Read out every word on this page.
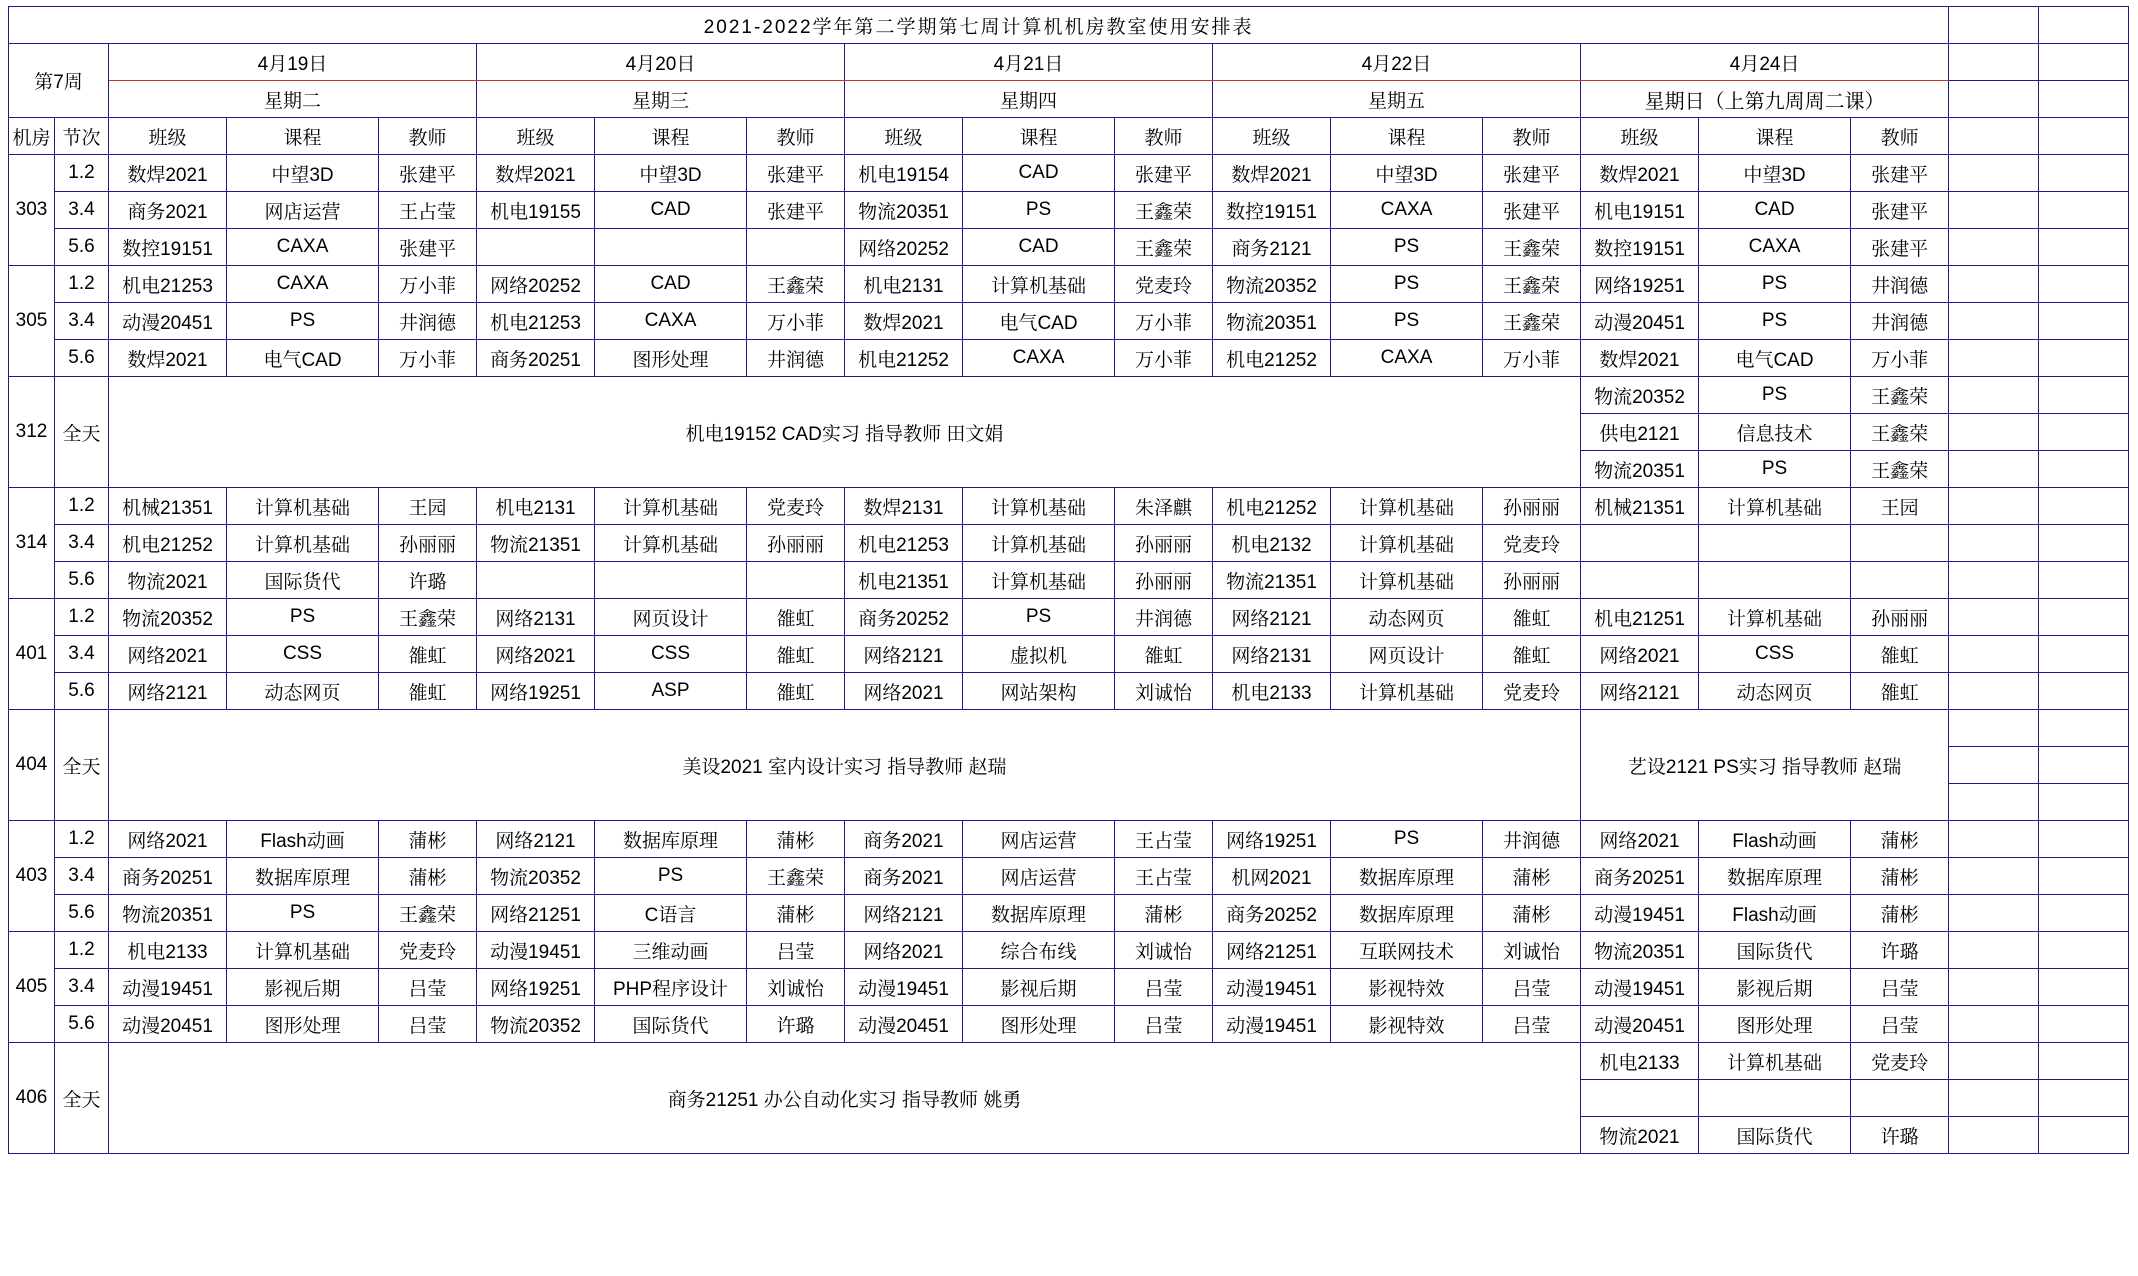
2021-2022学年第二学期第七周计算机机房教室使用安排表																		
第7周		4月19日			4月20日			4月21日			4月22日			4月24日				
		星期二			星期三			星期四			星期五			星期日（上第九周周二课）				
机房	节次	班级	课程	教师	班级	课程	教师	班级	课程	教师	班级	课程	教师	班级	课程	教师		
303	1.2	数焊2021	中望3D	张建平	数焊2021	中望3D	张建平	机电19154	CAD	张建平	数焊2021	中望3D	张建平	数焊2021	中望3D	张建平		
	3.4	商务2021	网店运营	王占莹	机电19155	CAD	张建平	物流20351	PS	王鑫荣	数控19151	CAXA	张建平	机电19151	CAD	张建平		
	5.6	数控19151	CAXA	张建平				网络20252	CAD	王鑫荣	商务2121	PS	王鑫荣	数控19151	CAXA	张建平		
305	1.2	机电21253	CAXA	万小菲	网络20252	CAD	王鑫荣	机电2131	计算机基础	党麦玲	物流20352	PS	王鑫荣	网络19251	PS	井润德		
	3.4	动漫20451	PS	井润德	机电21253	CAXA	万小菲	数焊2021	电气CAD	万小菲	物流20351	PS	王鑫荣	动漫20451	PS	井润德		
	5.6	数焊2021	电气CAD	万小菲	商务20251	图形处理	井润德	机电21252	CAXA	万小菲	机电21252	CAXA	万小菲	数焊2021	电气CAD	万小菲		
312	全天	机电19152 CAD实习 指导教师 田文娟												物流20352	PS	王鑫荣		
														供电2121	信息技术	王鑫荣		
														物流20351	PS	王鑫荣		
314	1.2	机械21351	计算机基础	王园	机电2131	计算机基础	党麦玲	数焊2131	计算机基础	朱泽麒	机电21252	计算机基础	孙丽丽	机械21351	计算机基础	王园		
	3.4	机电21252	计算机基础	孙丽丽	物流21351	计算机基础	孙丽丽	机电21253	计算机基础	孙丽丽	机电2132	计算机基础	党麦玲					
	5.6	物流2021	国际货代	许璐				机电21351	计算机基础	孙丽丽	物流21351	计算机基础	孙丽丽					
401	1.2	物流20352	PS	王鑫荣	网络2131	网页设计	雒虹	商务20252	PS	井润德	网络2121	动态网页	雒虹	机电21251	计算机基础	孙丽丽		
	3.4	网络2021	CSS	雒虹	网络2021	CSS	雒虹	网络2121	虚拟机	雒虹	网络2131	网页设计	雒虹	网络2021	CSS	雒虹		
	5.6	网络2121	动态网页	雒虹	网络19251	ASP	雒虹	网络2021	网站架构	刘诚怡	机电2133	计算机基础	党麦玲	网络2121	动态网页	雒虹		
404	全天	美设2021 室内设计实习 指导教师 赵瑞												艺设2121 PS实习 指导教师 赵瑞				

403	1.2	网络2021	Flash动画	蒲彬	网络2121	数据库原理	蒲彬	商务2021	网店运营	王占莹	网络19251	PS	井润德	网络2021	Flash动画	蒲彬		
	3.4	商务20251	数据库原理	蒲彬	物流20352	PS	王鑫荣	商务2021	网店运营	王占莹	机网2021	数据库原理	蒲彬	商务20251	数据库原理	蒲彬		
	5.6	物流20351	PS	王鑫荣	网络21251	C语言	蒲彬	网络2121	数据库原理	蒲彬	商务20252	数据库原理	蒲彬	动漫19451	Flash动画	蒲彬		
405	1.2	机电2133	计算机基础	党麦玲	动漫19451	三维动画	吕莹	网络2021	综合布线	刘诚怡	网络21251	互联网技术	刘诚怡	物流20351	国际货代	许璐		
	3.4	动漫19451	影视后期	吕莹	网络19251	PHP程序设计	刘诚怡	动漫19451	影视后期	吕莹	动漫19451	影视特效	吕莹	动漫19451	影视后期	吕莹		
	5.6	动漫20451	图形处理	吕莹	物流20352	国际货代	许璐	动漫20451	图形处理	吕莹	动漫19451	影视特效	吕莹	动漫20451	图形处理	吕莹		
406	全天	商务21251 办公自动化实习 指导教师 姚勇												机电2133	计算机基础	党麦玲		

														物流2021	国际货代	许璐		
